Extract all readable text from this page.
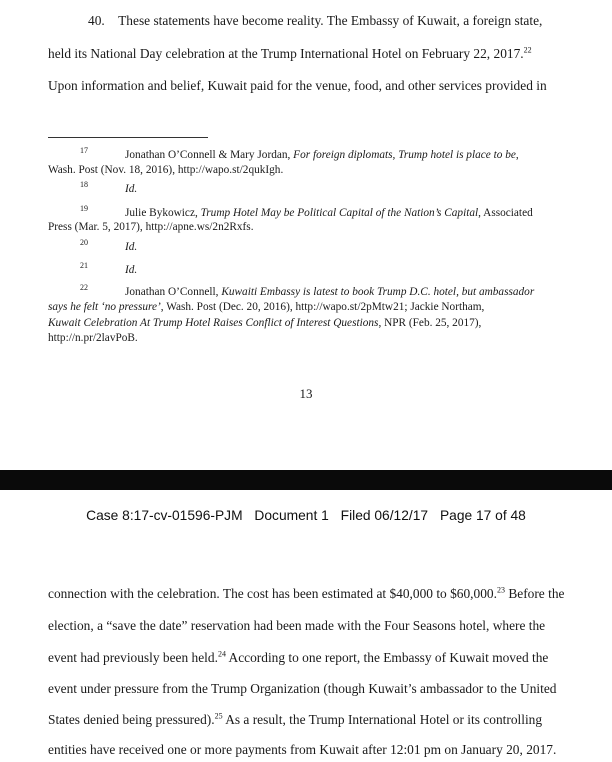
40.    These statements have become reality. The Embassy of Kuwait, a foreign state,
held its National Day celebration at the Trump International Hotel on February 22, 2017.22
Upon information and belief, Kuwait paid for the venue, food, and other services provided in
17	Jonathan O’Connell & Mary Jordan, For foreign diplomats, Trump hotel is place to be,
Wash. Post (Nov. 18, 2016), http://wapo.st/2qukIgh.
18	Id.
19	Julie Bykowicz, Trump Hotel May be Political Capital of the Nation’s Capital, Associated
Press (Mar. 5, 2017), http://apne.ws/2n2Rxfs.
20	Id.
21	Id.
22	Jonathan O’Connell, Kuwaiti Embassy is latest to book Trump D.C. hotel, but ambassador
says he felt ‘no pressure’, Wash. Post (Dec. 20, 2016), http://wapo.st/2pMtw21; Jackie Northam,
Kuwait Celebration At Trump Hotel Raises Conflict of Interest Questions, NPR (Feb. 25, 2017),
http://n.pr/2lavPoB.
13
Case 8:17-cv-01596-PJM Document 1 Filed 06/12/17 Page 17 of 48
connection with the celebration. The cost has been estimated at $40,000 to $60,000.23 Before the
election, a “save the date” reservation had been made with the Four Seasons hotel, where the
event had previously been held.$^{24}$ According to one report, the Embassy of Kuwait moved the
event under pressure from the Trump Organization (though Kuwait’s ambassador to the United
States denied being pressured).$^{25}$ As a result, the Trump International Hotel or its controlling
entities have received one or more payments from Kuwait after 12:01 pm on January 20, 2017.
